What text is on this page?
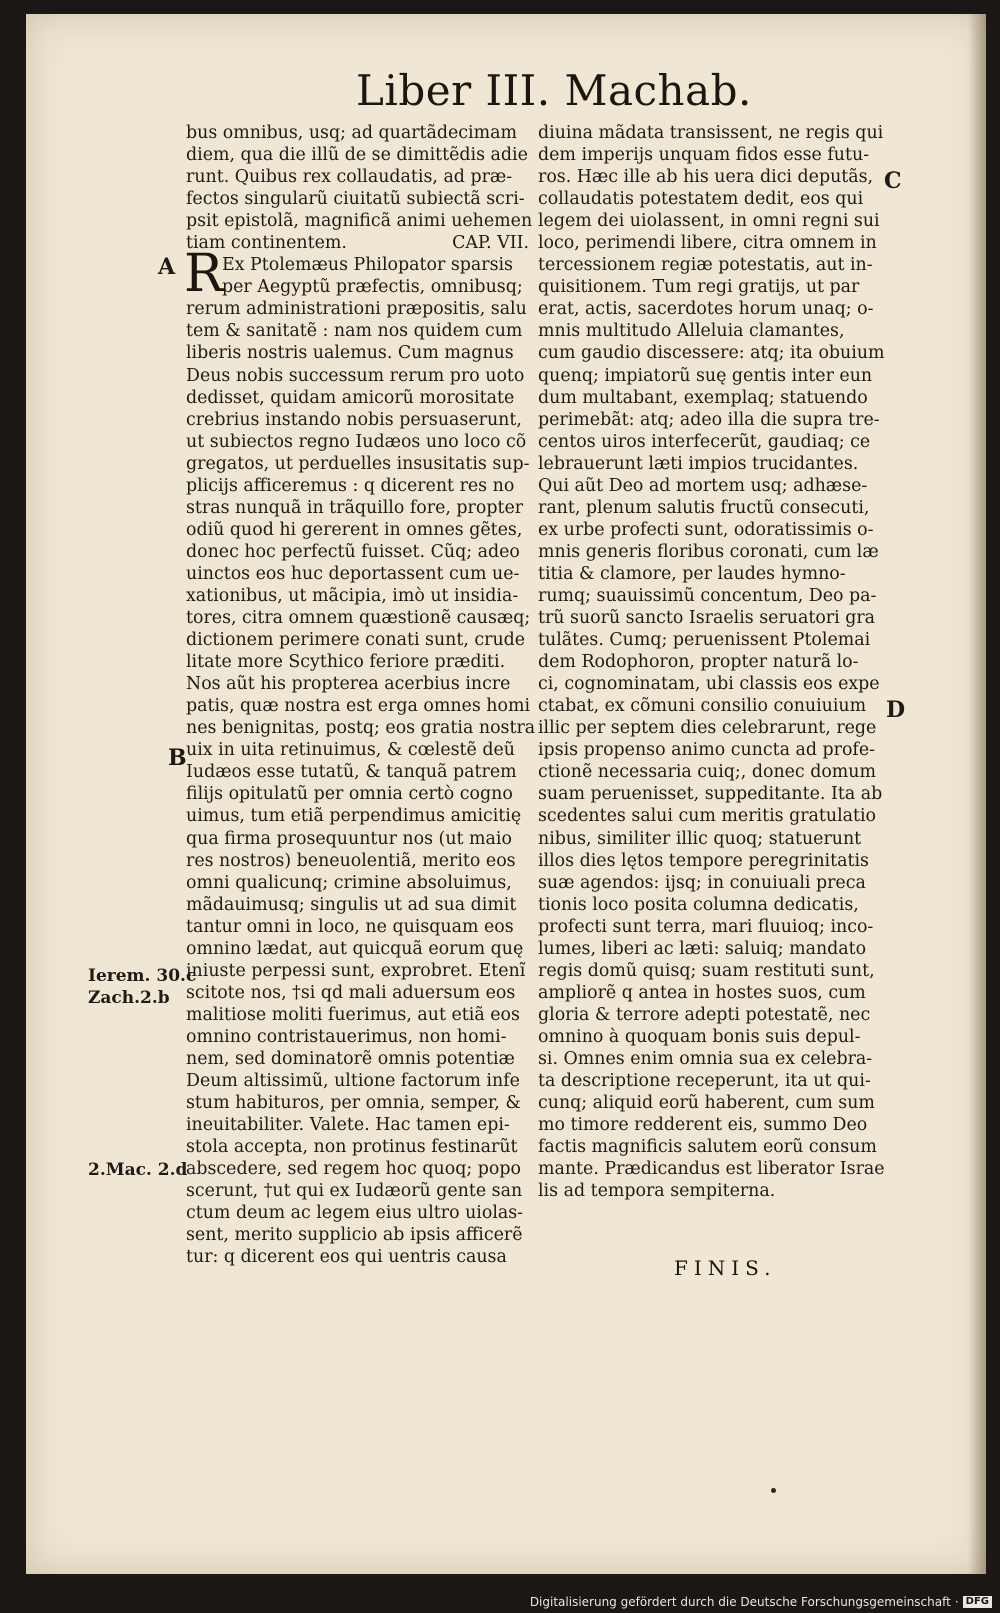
Liber III. Machab.
bus omnibus, usq; ad quartãdecimam
diem, qua die illũ de se dimittẽdis adie
runt. Quibus rex collaudatis, ad præ-
fectos singularũ ciuitatũ subiectã scri-
psit epistolã, magnificã animi uehemen
tiam continentem.	CAP. VII.
R
Ex Ptolemæus Philopator sparsis
per Aegyptũ præfectis, omnibusq;
rerum administrationi præpositis, salu
tem & sanitatẽ : nam nos quidem cum
liberis nostris ualemus. Cum magnus
Deus nobis successum rerum pro uoto
dedisset, quidam amicorũ morositate
crebrius instando nobis persuaserunt,
ut subiectos regno Iudæos uno loco cõ
gregatos, ut perduelles insusitatis sup-
plicijs afficeremus : q dicerent res no
stras nunquã in trãquillo fore, propter
odiũ quod hi gererent in omnes gẽtes,
donec hoc perfectũ fuisset. Cũq; adeo
uinctos eos huc deportassent cum ue-
xationibus, ut mãcipia, imò ut insidia-
tores, citra omnem quæstionẽ causæq;
dictionem perimere conati sunt, crude
litate more Scythico feriore præditi.
Nos aũt his propterea acerbius incre
patis, quæ nostra est erga omnes homi
nes benignitas, postq; eos gratia nostra
uix in uita retinuimus, & cœlestẽ deũ
Iudæos esse tutatũ, & tanquã patrem
filijs opitulatũ per omnia certò cogno
uimus, tum etiã perpendimus amicitię
qua firma prosequuntur nos (ut maio
res nostros) beneuolentiã, merito eos
omni qualicunq; crimine absoluimus,
mãdauimusq; singulis ut ad sua dimit
tantur omni in loco, ne quisquam eos
omnino lædat, aut quicquã eorum quę
iniuste perpessi sunt, exprobret. Etenĩ
scitote nos, †si qd mali aduersum eos
malitiose moliti fuerimus, aut etiã eos
omnino contristauerimus, non homi-
nem, sed dominatorẽ omnis potentiæ
Deum altissimũ, ultione factorum infe
stum habituros, per omnia, semper, &
ineuitabiliter. Valete. Hac tamen epi-
stola accepta, non protinus festinarũt
abscedere, sed regem hoc quoq; popo
scerunt, †ut qui ex Iudæorũ gente san
ctum deum ac legem eius ultro uiolas-
sent, merito supplicio ab ipsis afficerẽ
tur: q dicerent eos qui uentris causa
diuina mãdata transissent, ne regis qui
dem imperijs unquam fidos esse futu-
ros. Hæc ille ab his uera dici deputãs,
collaudatis potestatem dedit, eos qui
legem dei uiolassent, in omni regni sui
loco, perimendi libere, citra omnem in
tercessionem regiæ potestatis, aut in-
quisitionem. Tum regi gratijs, ut par
erat, actis, sacerdotes horum unaq; o-
mnis multitudo Alleluia clamantes,
cum gaudio discessere: atq; ita obuium
quenq; impiatorũ suę gentis inter eun
dum multabant, exemplaq; statuendo
perimebãt: atq; adeo illa die supra tre-
centos uiros interfecerũt, gaudiaq; ce
lebrauerunt læti impios trucidantes.
Qui aũt Deo ad mortem usq; adhæse-
rant, plenum salutis fructũ consecuti,
ex urbe profecti sunt, odoratissimis o-
mnis generis floribus coronati, cum læ
titia & clamore, per laudes hymno-
rumq; suauissimũ concentum, Deo pa-
trũ suorũ sancto Israelis seruatori gra
tulãtes. Cumq; peruenissent Ptolemai
dem Rodophoron, propter naturã lo-
ci, cognominatam, ubi classis eos expe
ctabat, ex cõmuni consilio conuiuium
illic per septem dies celebrarunt, rege
ipsis propenso animo cuncta ad profe-
ctionẽ necessaria cuiq;, donec domum
suam peruenisset, suppeditante. Ita ab
scedentes salui cum meritis gratulatio
nibus, similiter illic quoq; statuerunt
illos dies lętos tempore peregrinitatis
suæ agendos: ijsq; in conuiuali preca
tionis loco posita columna dedicatis,
profecti sunt terra, mari fluuioq; inco-
lumes, liberi ac læti: saluiq; mandato
regis domũ quisq; suam restituti sunt,
ampliorẽ q antea in hostes suos, cum
gloria & terrore adepti potestatẽ, nec
omnino à quoquam bonis suis depul-
si. Omnes enim omnia sua ex celebra-
ta descriptione receperunt, ita ut qui-
cunq; aliquid eorũ haberent, cum sum
mo timore redderent eis, summo Deo
factis magnificis salutem eorũ consum
mante. Prædicandus est liberator Israe
lis ad tempora sempiterna.
FINIS.
A
B
C
D
Ierem. 30.c
Zach.2.b
2.Mac. 2.d
Digitalisierung gefördert durch die Deutsche Forschungsgemeinschaft · DFG
